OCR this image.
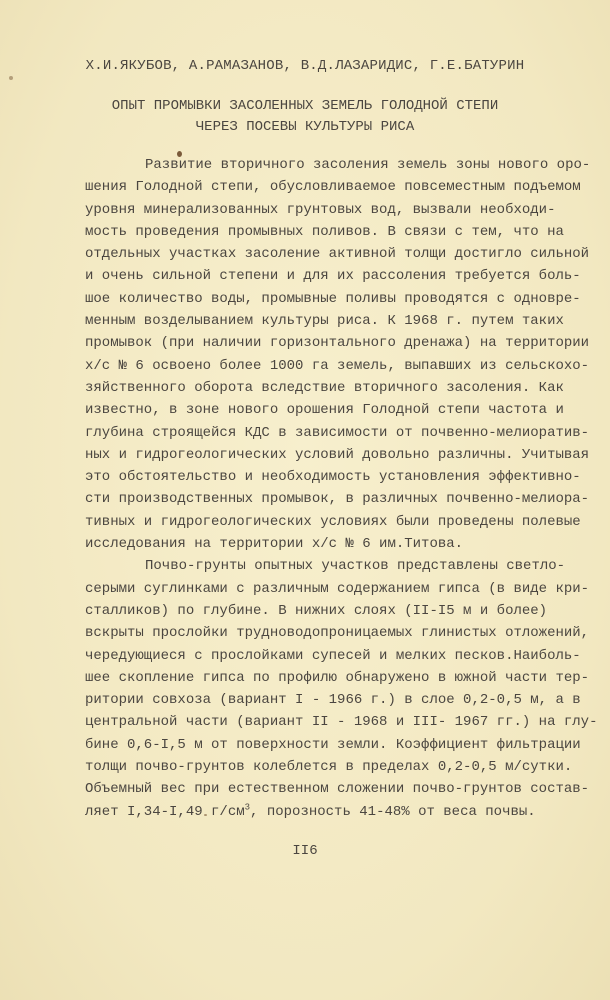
Х.И.ЯКУБОВ, А.РАМАЗАНОВ, В.Д.ЛАЗАРИДИС, Г.Е.БАТУРИН
ОПЫТ ПРОМЫВКИ ЗАСОЛЕННЫХ ЗЕМЕЛЬ ГОЛОДНОЙ СТЕПИ
ЧЕРЕЗ ПОСЕВЫ КУЛЬТУРЫ РИСА
Развитие вторичного засоления земель зоны нового оро-
шения Голодной степи, обусловливаемое повсеместным подъемом
уровня минерализованных грунтовых вод, вызвали необходи-
мость проведения промывных поливов. В связи с тем, что на
отдельных участках засоление активной толщи достигло сильной
и очень сильной степени и для их рассоления требуется боль-
шое количество воды, промывные поливы проводятся с одновре-
менным возделыванием культуры риса. К 1968 г. путем таких
промывок (при наличии горизонтального дренажа) на территории
х/с № 6 освоено более 1000 га земель, выпавших из сельскохо-
зяйственного оборота вследствие вторичного засоления. Как
известно, в зоне нового орошения Голодной степи частота и
глубина строящейся КДС в зависимости от почвенно-мелиоратив-
ных и гидрогеологических условий довольно различны. Учитывая
это обстоятельство и необходимость установления эффективно-
сти производственных промывок, в различных почвенно-мелиора-
тивных и гидрогеологических условиях были проведены полевые
исследования на территории х/с № 6 им.Титова.
Почво-грунты опытных участков представлены светло-
серыми суглинками с различным содержанием гипса (в виде кри-
сталликов) по глубине. В нижних слоях (II-I5 м и более)
вскрыты прослойки трудноводопроницаемых глинистых отложений,
чередующиеся с прослойками супесей и мелких песков.Наиболь-
шее скопление гипса по профилю обнаружено в южной части тер-
ритории совхоза (вариант I - 1966 г.) в слое 0,2-0,5 м, а в
центральной части (вариант II - 1968 и III- 1967 гг.) на глу-
бине 0,6-I,5 м от поверхности земли. Коэффициент фильтрации
толщи почво-грунтов колеблется в пределах 0,2-0,5 м/сутки.
Объемный вес при естественном сложении почво-грунтов состав-
ляет I,34-I,49 $г/см^3$, порозность 41-48% от веса почвы.
II6
